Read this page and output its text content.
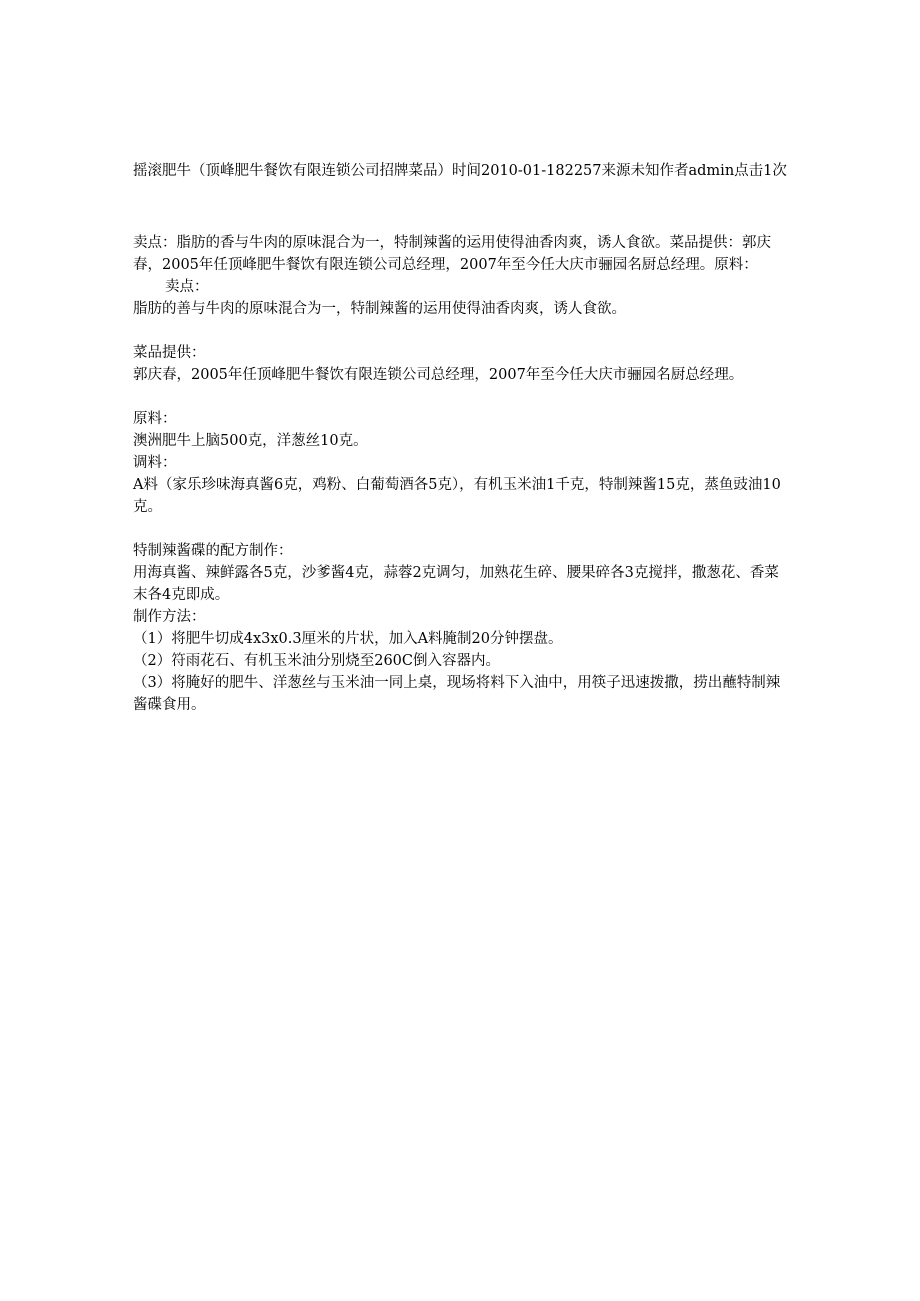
摇滚肥牛（顶峰肥牛餐饮有限连锁公司招牌菜品）时间2010-01-182257来源未知作者admin点击1次

卖点：脂肪的香与牛肉的原味混合为一，特制辣酱的运用使得油香肉爽，诱人食欲。菜品提供：郭庆春，2005年任顶峰肥牛餐饮有限连锁公司总经理，2007年至今任大庆市骊园名厨总经理。原料：

卖点：

脂肪的善与牛肉的原味混合为一，特制辣酱的运用使得油香肉爽，诱人食欲。

菜品提供：

郭庆春，2005年任顶峰肥牛餐饮有限连锁公司总经理，2007年至今任大庆市骊园名厨总经理。

原料：

澳洲肥牛上脑500克，洋葱丝10克。

调料：

A料（家乐珍味海真酱6克，鸡粉、白葡萄酒各5克），有机玉米油1千克，特制辣酱15克，蒸鱼豉油10克。

特制辣酱碟的配方制作：

用海真酱、辣鲜露各5克，沙爹酱4克，蒜蓉2克调匀，加熟花生碎、腰果碎各3克搅拌，撒葱花、香菜末各4克即成。

制作方法：

（1）将肥牛切成4x3x0.3厘米的片状，加入A料腌制20分钟摆盘。

（2）符雨花石、有机玉米油分别烧至260C倒入容器内。

（3）将腌好的肥牛、洋葱丝与玉米油一同上桌，现场将料下入油中，用筷子迅速拨撒，捞出蘸特制辣酱碟食用。
